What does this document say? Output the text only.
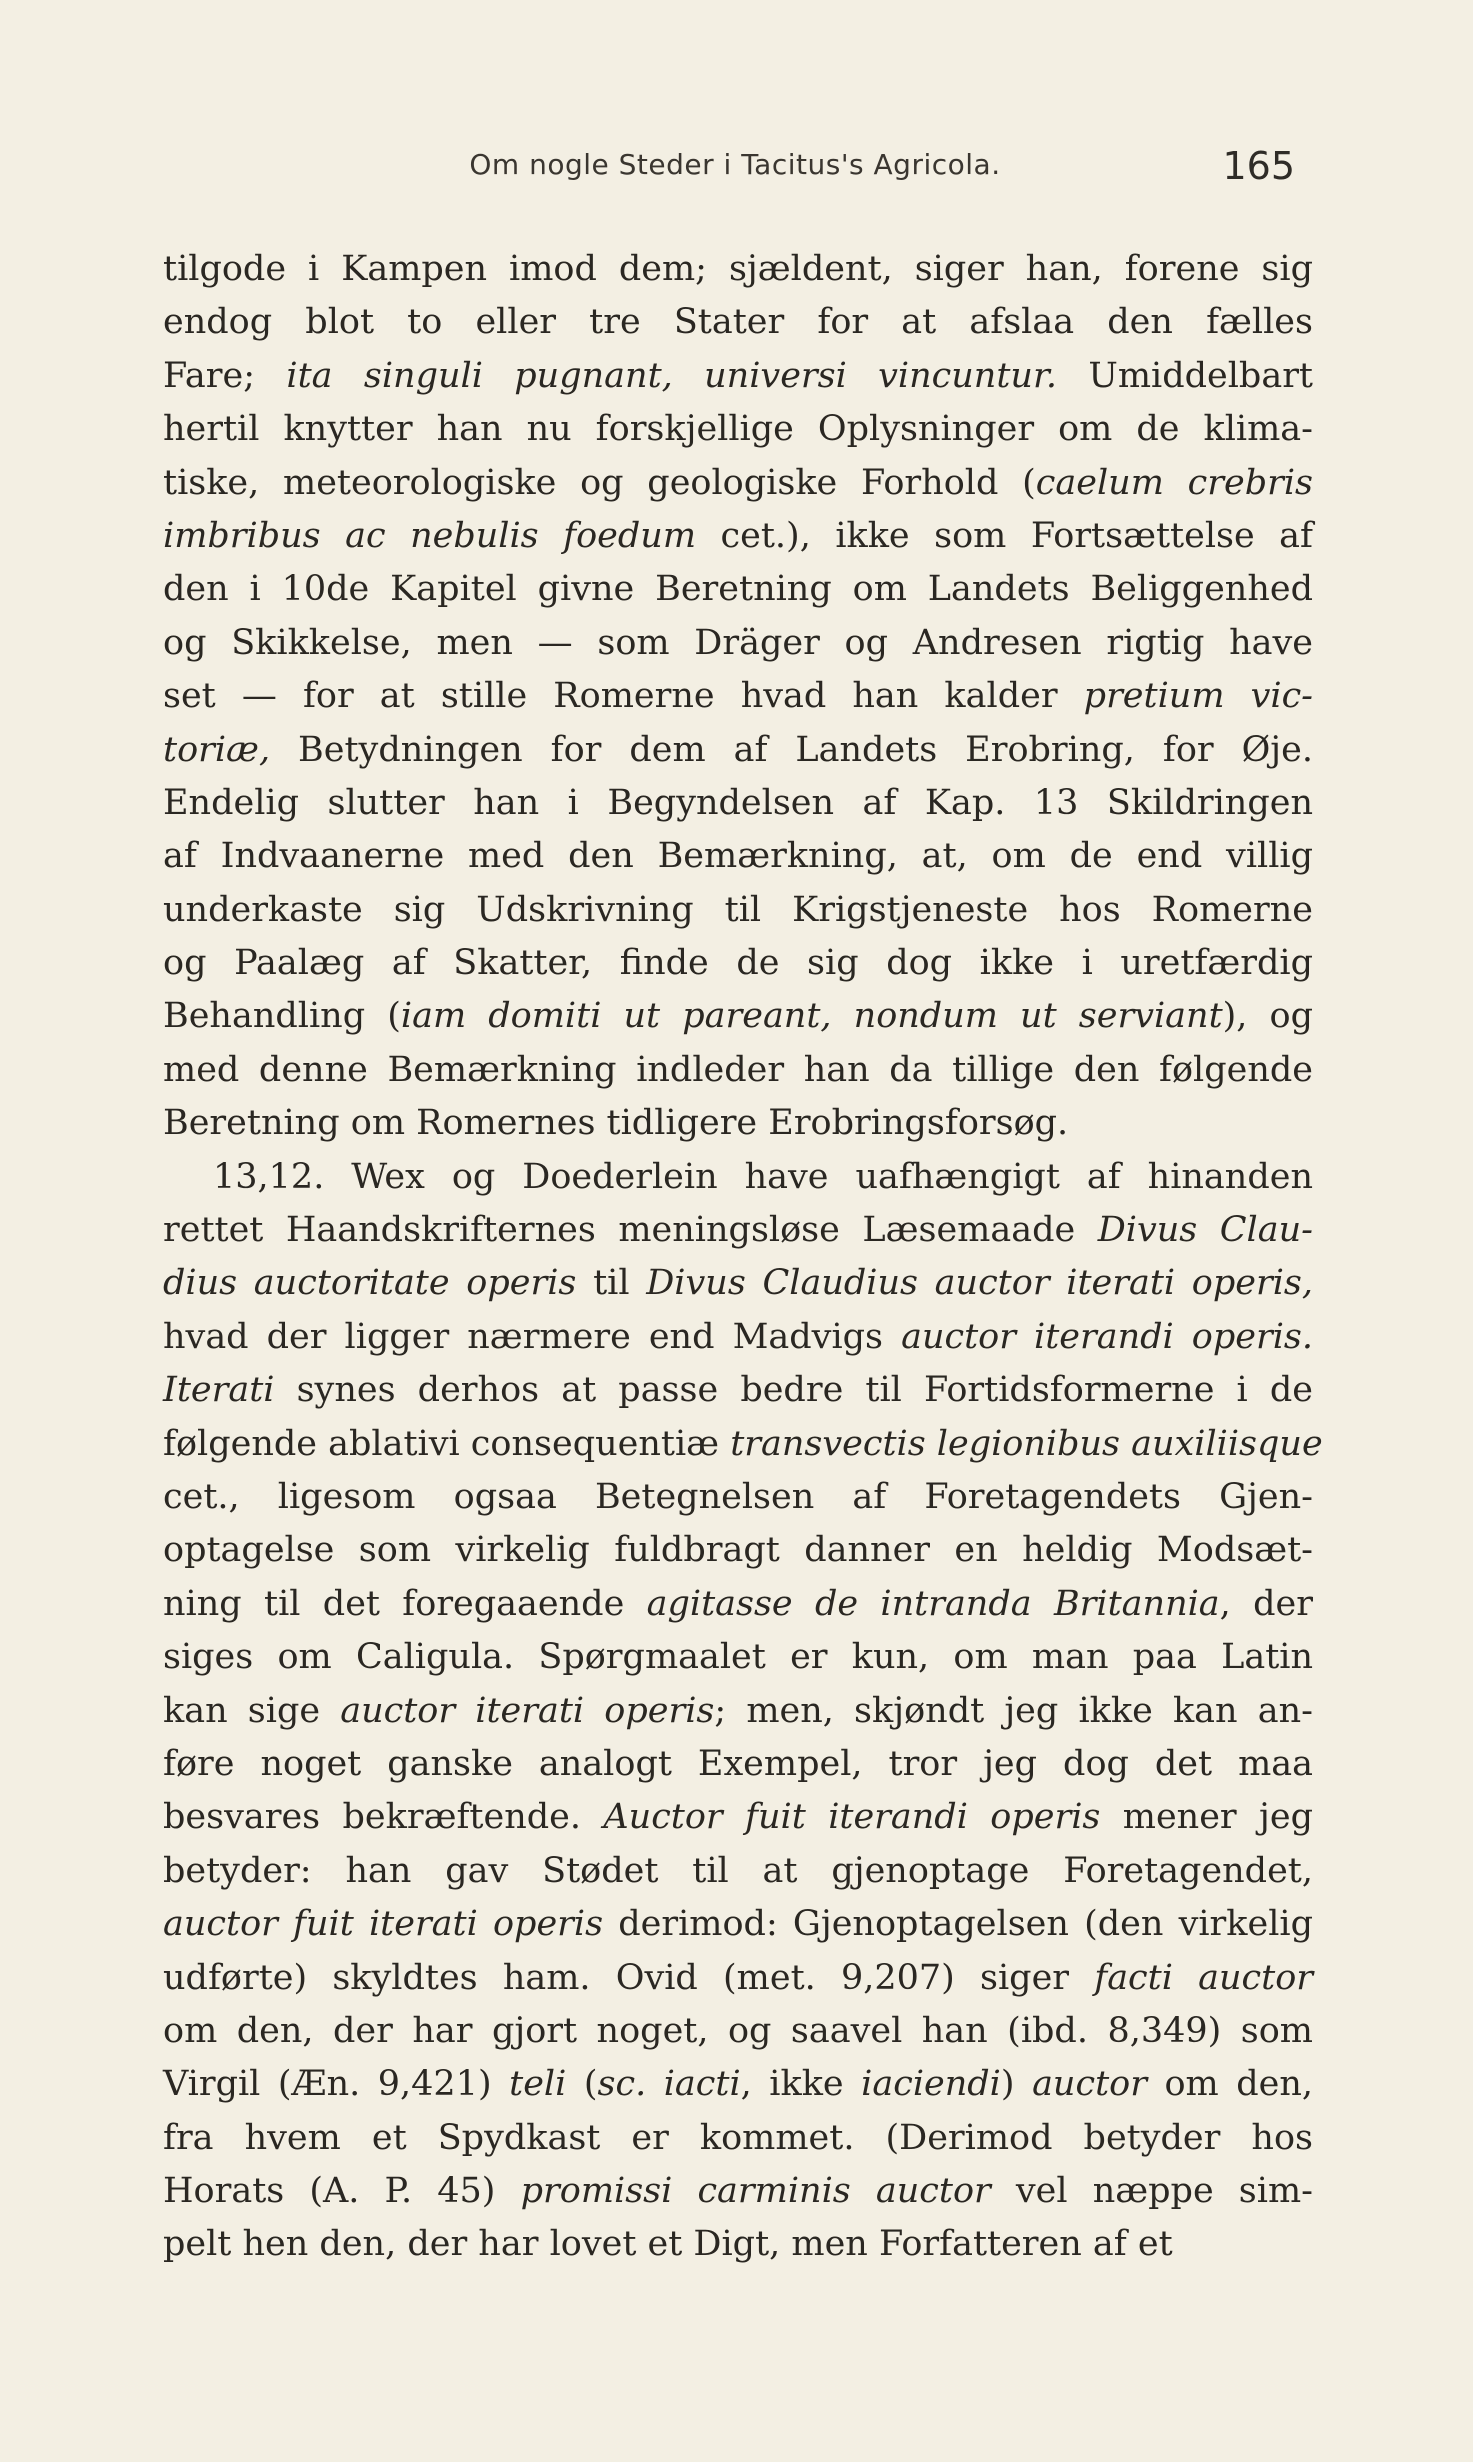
Om nogle Steder i Tacitus's Agricola.	165
tilgode i Kampen imod dem; sjældent, siger han, forene sig
endog blot to eller tre Stater for at afslaa den fælles
Fare; ita singuli pugnant, universi vincuntur. Umiddelbart
hertil knytter han nu forskjellige Oplysninger om de klima-
tiske, meteorologiske og geologiske Forhold (caelum crebris
imbribus ac nebulis foedum cet.), ikke som Fortsættelse af
den i 10de Kapitel givne Beretning om Landets Beliggenhed
og Skikkelse, men — som Dräger og Andresen rigtig have
set — for at stille Romerne hvad han kalder pretium vic-
toriæ, Betydningen for dem af Landets Erobring, for Øje.
Endelig slutter han i Begyndelsen af Kap. 13 Skildringen
af Indvaanerne med den Bemærkning, at, om de end villig
underkaste sig Udskrivning til Krigstjeneste hos Romerne
og Paalæg af Skatter, finde de sig dog ikke i uretfærdig
Behandling (iam domiti ut pareant, nondum ut serviant), og
med denne Bemærkning indleder han da tillige den følgende
Beretning om Romernes tidligere Erobringsforsøg.
13,12. Wex og Doederlein have uafhængigt af hinanden
rettet Haandskrifternes meningsløse Læsemaade Divus Clau-
dius auctoritate operis til Divus Claudius auctor iterati operis,
hvad der ligger nærmere end Madvigs auctor iterandi operis.
Iterati synes derhos at passe bedre til Fortidsformerne i de
følgende ablativi consequentiæ transvectis legionibus auxiliisque
cet., ligesom ogsaa Betegnelsen af Foretagendets Gjen-
optagelse som virkelig fuldbragt danner en heldig Modsæt-
ning til det foregaaende agitasse de intranda Britannia, der
siges om Caligula. Spørgmaalet er kun, om man paa Latin
kan sige auctor iterati operis; men, skjøndt jeg ikke kan an-
føre noget ganske analogt Exempel, tror jeg dog det maa
besvares bekræftende. Auctor fuit iterandi operis mener jeg
betyder: han gav Stødet til at gjenoptage Foretagendet,
auctor fuit iterati operis derimod: Gjenoptagelsen (den virkelig
udførte) skyldtes ham. Ovid (met. 9,207) siger facti auctor
om den, der har gjort noget, og saavel han (ibd. 8,349) som
Virgil (Æn. 9,421) teli (sc. iacti, ikke iaciendi) auctor om den,
fra hvem et Spydkast er kommet. (Derimod betyder hos
Horats (A. P. 45) promissi carminis auctor vel næppe sim-
pelt hen den, der har lovet et Digt, men Forfatteren af et
